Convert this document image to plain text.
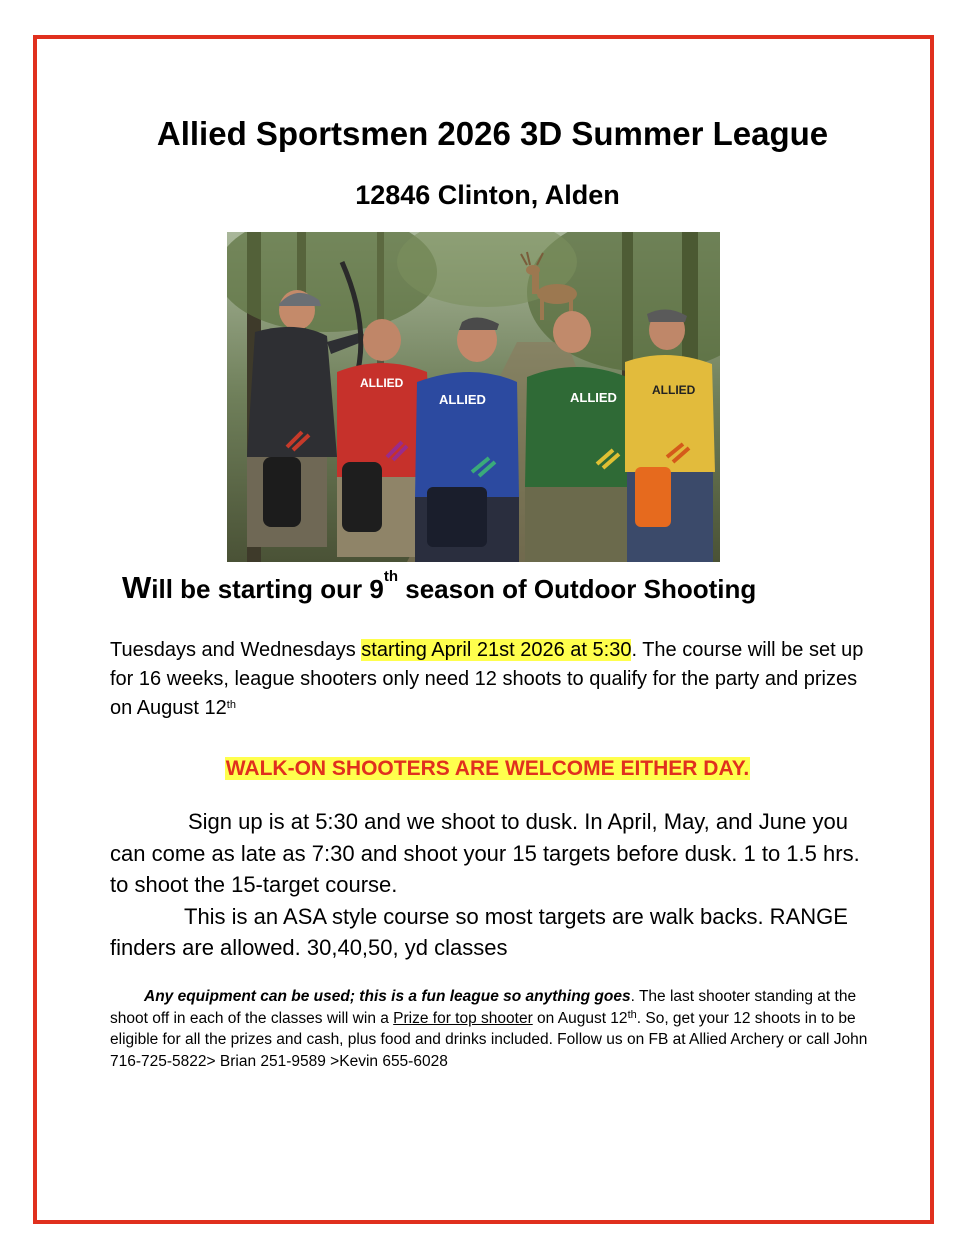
Allied Sportsmen 2026 3D Summer League
12846 Clinton, Alden
ALLIED
ALLIED	ALLIED	ALLIED
Will be starting our 9th season of Outdoor Shooting
Tuesdays and Wednesdays starting April 21st 2026 at 5:30. The course will be set up for 16 weeks, league shooters only need 12 shoots to qualify for the party and prizes on August 12th
WALK-ON SHOOTERS ARE WELCOME EITHER DAY.
Sign up is at 5:30 and we shoot to dusk. In April, May, and June you can come as late as 7:30 and shoot your 15 targets before dusk. 1 to 1.5 hrs. to shoot the 15-target course.
This is an ASA style course so most targets are walk backs. RANGE finders are allowed. 30,40,50, yd classes
Any equipment can be used; this is a fun league so anything goes. The last shooter standing at the shoot off in each of the classes will win a Prize for top shooter on August 12th. So, get your 12 shoots in to be eligible for all the prizes and cash, plus food and drinks included. Follow us on FB at Allied Archery or call John 716-725-5822> Brian 251-9589 >Kevin 655-6028
